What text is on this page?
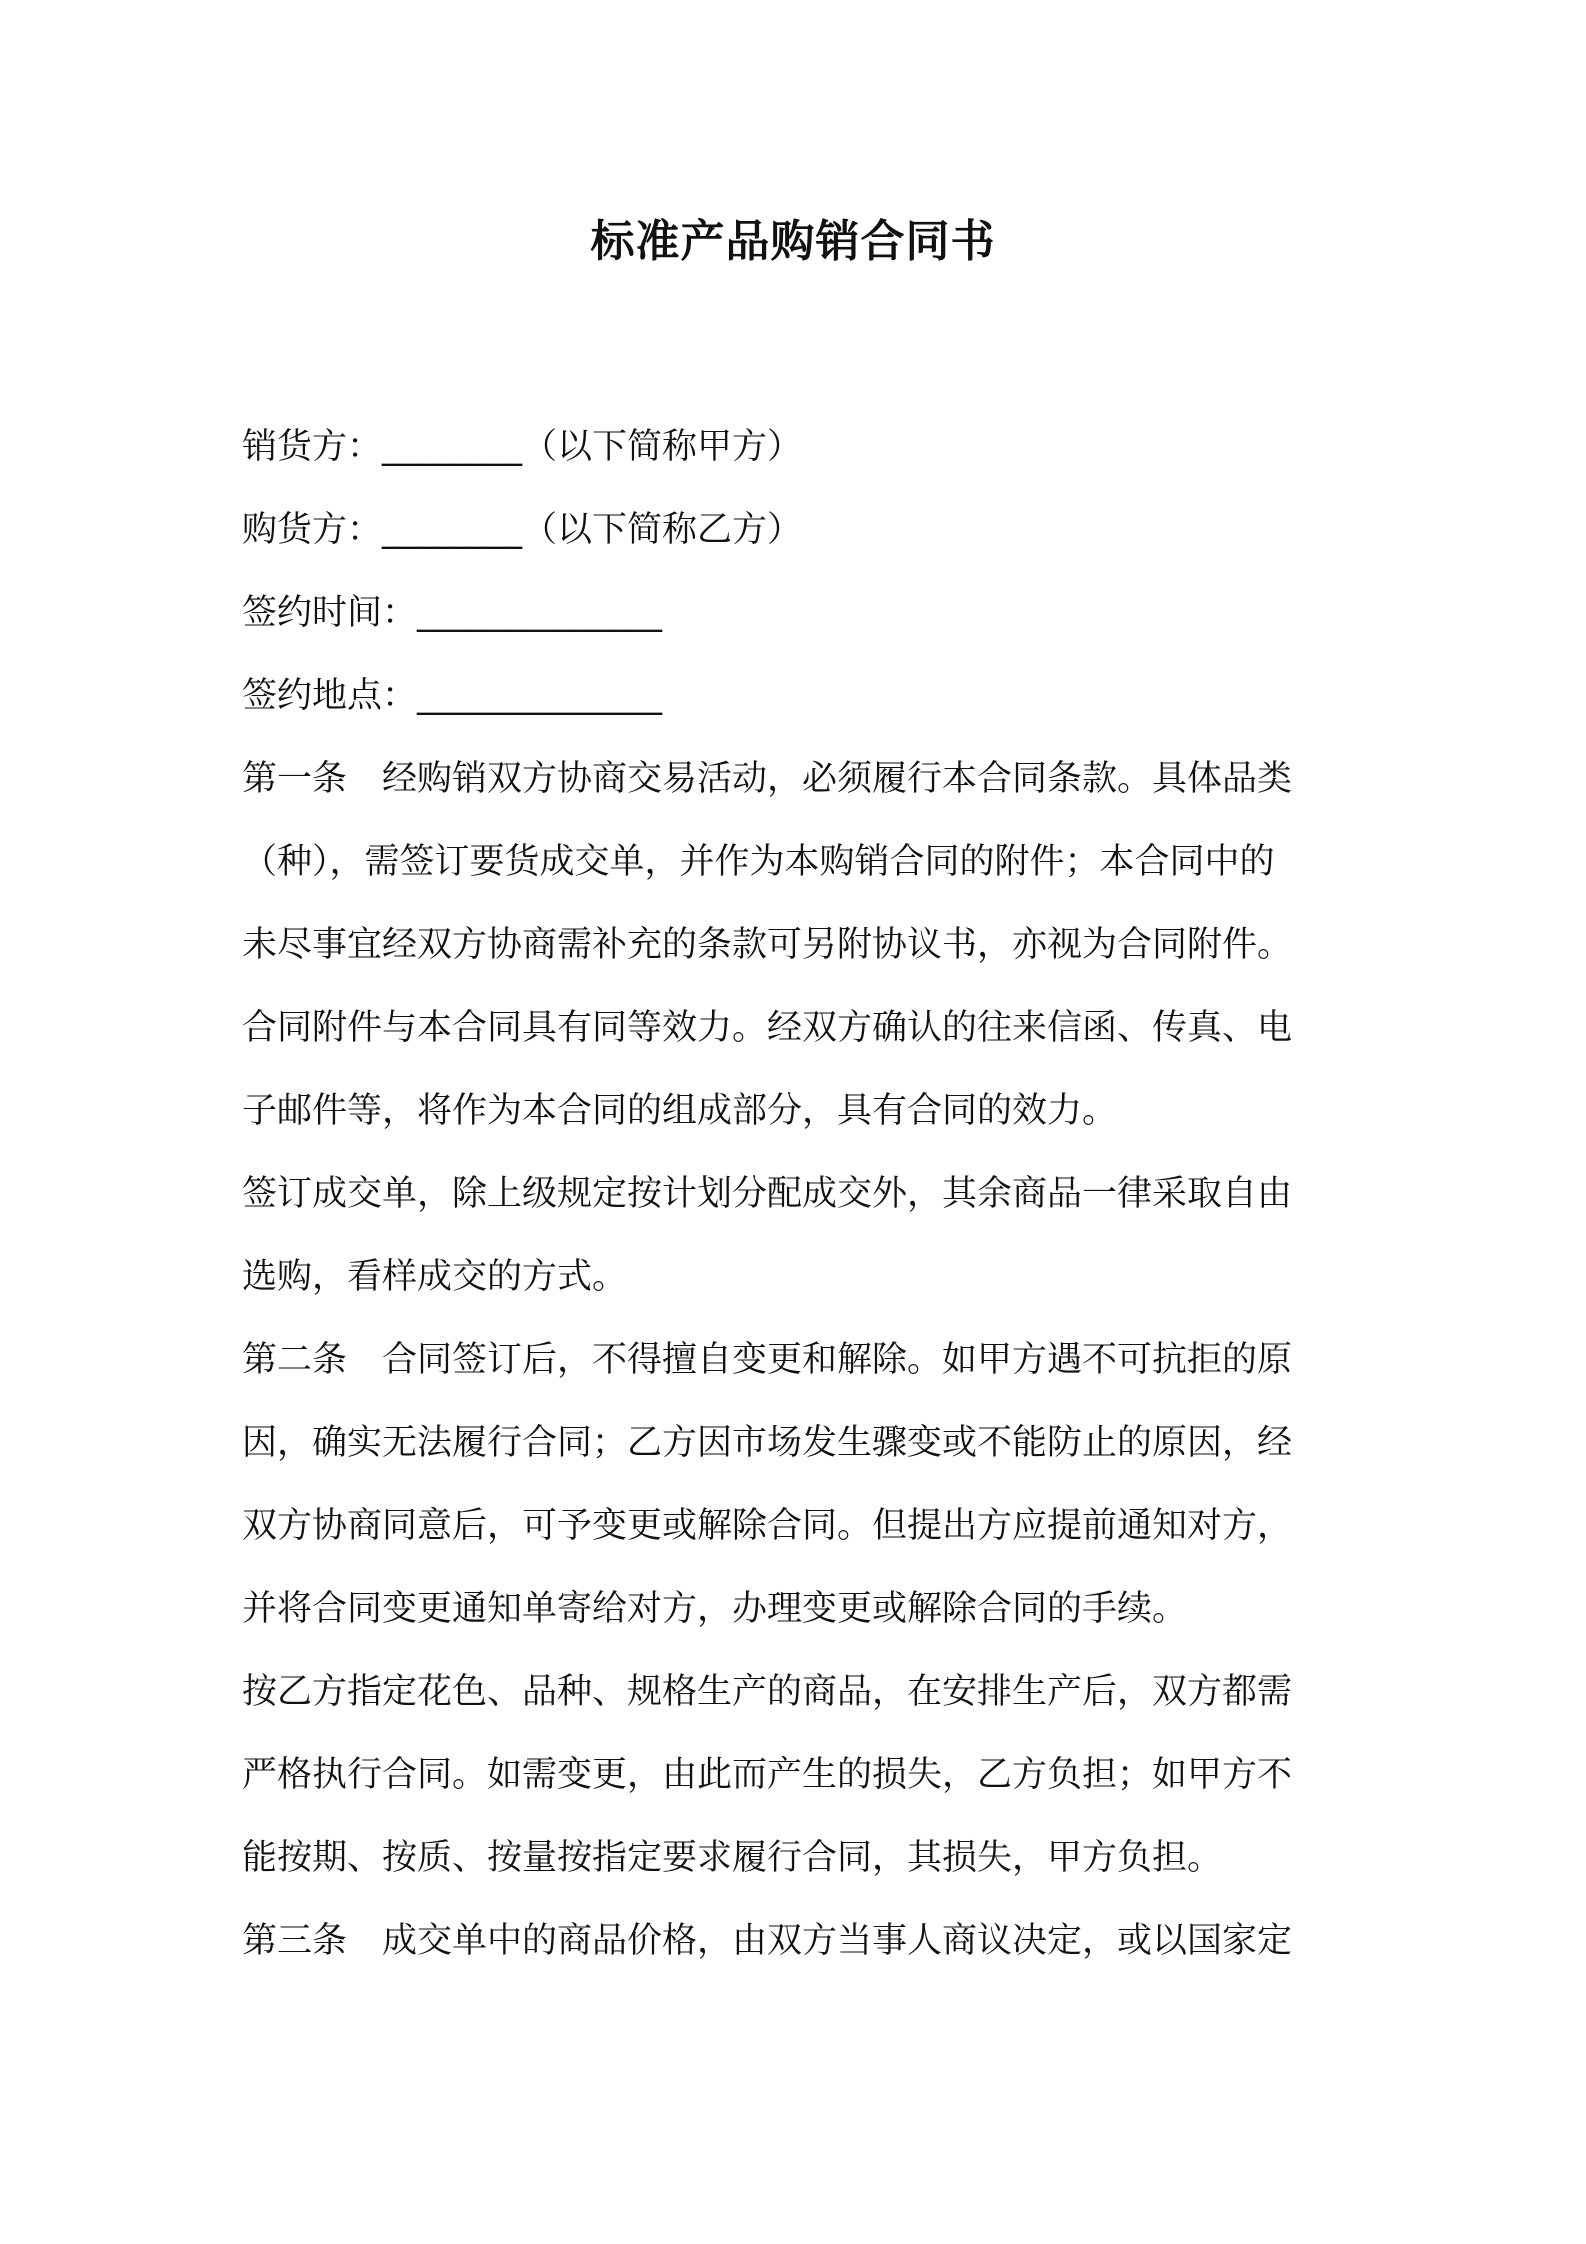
标准产品购销合同书
销货方：________（以下简称甲方）
购货方：________（以下简称乙方）
签约时间：______________
签约地点：______________
第一条　经购销双方协商交易活动，必须履行本合同条款。具体品类
（种），需签订要货成交单，并作为本购销合同的附件；本合同中的
未尽事宜经双方协商需补充的条款可另附协议书，亦视为合同附件。
合同附件与本合同具有同等效力。经双方确认的往来信函、传真、电
子邮件等，将作为本合同的组成部分，具有合同的效力。
签订成交单，除上级规定按计划分配成交外，其余商品一律采取自由
选购，看样成交的方式。
第二条　合同签订后，不得擅自变更和解除。如甲方遇不可抗拒的原
因，确实无法履行合同；乙方因市场发生骤变或不能防止的原因，经
双方协商同意后，可予变更或解除合同。但提出方应提前通知对方，
并将合同变更通知单寄给对方，办理变更或解除合同的手续。
按乙方指定花色、品种、规格生产的商品，在安排生产后，双方都需
严格执行合同。如需变更，由此而产生的损失，乙方负担；如甲方不
能按期、按质、按量按指定要求履行合同，其损失，甲方负担。
第三条　成交单中的商品价格，由双方当事人商议决定，或以国家定
